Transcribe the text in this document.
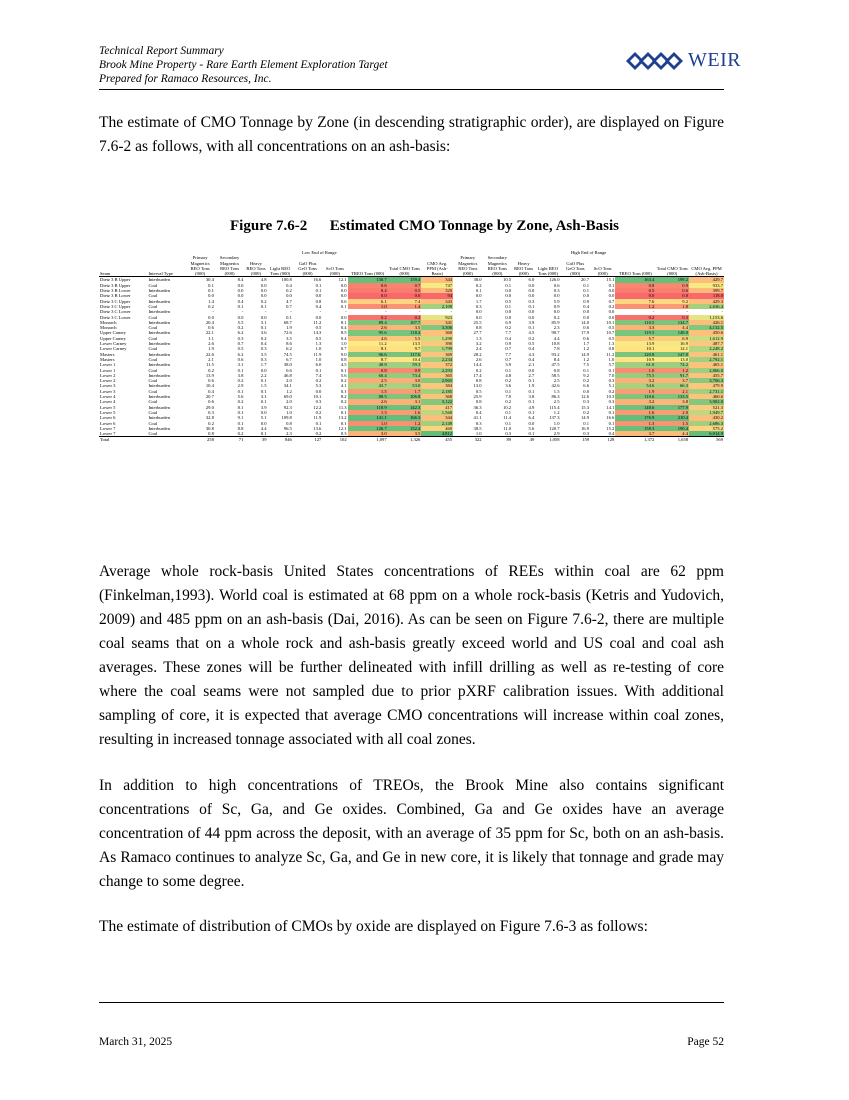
Technical Report Summary
Brook Mine Property - Rare Earth Element Exploration Target
Prepared for Ramaco Resources, Inc.
WEIR
The estimate of CMO Tonnage by Zone (in descending stratigraphic order), are displayed on Figure 7.6-2 as follows, with all concentrations on an ash-basis:
Figure 7.6-2      Estimated CMO Tonnage by Zone, Ash-Basis
		Low End of Range									High End of Range								
Seam	Interval Type	Primary Magnetics REO Tons (000)	Secondary Magnetics REO Tons (000)	Heavy REO Tons (000)	Light REO Tons (000)	GaO Plus GeO Tons (000)	ScO Tons (000)	TREO Tons (000)	Total CMO Tons (000)	CMO Avg. PPM (Ash-Basis)	Primary Magnetics REO Tons (000)	Secondary Magnetics REO Tons (000)	Heavy REO Tons (000)	Light REO Tons (000)	GaO Plus GeO Tons (000)	ScO Tons (000)	TREO Tons (000)	Total CMO Tons (000)	CMO Avg. PPM (Ash-Basis)
Dietz 3 B Upper	Interburden	30.4	8.4	4.8	100.8	16.6	12.1	130.7	159.4	344	38.0	10.5	6.0	126.0	20.7	15.1	163.4	199.2	429.7
Dietz 3 B Upper	Coal	0.1	0.0	0.0	0.4	0.1	0.0	0.6	0.7	747	0.2	0.1	0.0	0.6	0.1	0.1	0.8	0.9	933.7
Dietz 3 B Lower	Interburden	0.1	0.0	0.0	0.2	0.1	0.0	0.4	0.5	320	0.1	0.0	0.0	0.3	0.1	0.0	0.5	0.6	399.7
Dietz 3 B Lower	Coal	0.0	0.0	0.0	0.0	0.0	0.0	0.0	0.0	94	0.0	0.0	0.0	0.0	0.0	0.0	0.0	0.0	118.0
Dietz 3 C Upper	Interburden	1.4	0.4	0.2	4.7	0.8	0.6	6.1	7.4	343	1.7	0.5	0.3	5.9	0.9	0.7	7.6	9.2	429.3
Dietz 3 C Upper	Coal	0.2	0.1	0.1	0.7	0.4	0.1	1.0	1.4	2,109	0.3	0.1	0.1	0.9	0.4	0.2	1.2	1.8	2,636.4
Dietz 3 C Lower	Interburden	-	-	-	-	-	-	-	-	-	0.0	0.0	0.0	0.0	0.0	0.0	-	-	-
Dietz 3 C Lower	Coal	0.0	0.0	0.0	0.1	0.0	0.0	0.2	0.2	923	0.0	0.0	0.0	0.2	0.0	0.0	0.2	0.3	1,153.6
Monarch	Interburden	20.4	5.5	3.1	68.7	11.2	8.1	89.4	107.7	341	25.5	6.9	3.9	85.9	14.0	10.1	110.5	134.7	426.1
Monarch	Coal	0.6	0.2	0.1	1.9	0.5	0.4	2.6	3.5	3,306	0.8	0.2	0.1	2.3	0.6	0.5	3.3	4.4	4,132.5
Upper Carney	Interburden	22.1	6.2	3.6	72.6	14.3	8.5	95.6	118.4	360	27.7	7.7	4.5	90.7	17.9	10.7	119.5	148.0	450.6
Upper Carney	Coal	1.1	0.3	0.2	3.5	0.5	0.4	4.6	5.5	1,290	1.3	0.4	0.2	4.4	0.6	0.5	5.7	6.9	1,612.9
Lower Carney	Interburden	2.6	0.7	0.4	8.6	1.3	1.0	11.2	13.5	390	3.2	0.9	0.5	10.8	1.7	1.3	13.9	16.9	487.7
Lower Carney	Coal	1.9	0.5	0.3	6.2	1.0	0.7	8.1	9.7	1,799	2.4	0.7	0.4	7.8	1.2	0.8	10.1	12.1	2,248.2
Masters	Interburden	22.6	6.2	3.5	74.5	11.9	9.0	96.6	117.6	369	28.2	7.7	4.3	93.2	14.9	11.2	120.8	147.0	461.1
Masters	Coal	2.1	0.6	0.3	6.7	1.0	0.8	8.7	10.4	2,234	2.6	0.7	0.4	8.4	1.2	1.0	10.9	13.0	2,792.1
Lower 1	Interburden	11.5	3.1	1.7	38.0	6.0	4.5	48.8	59.3	372	14.4	3.9	2.1	47.5	7.5	5.7	61.0	74.2	465.1
Lower 1	Coal	0.2	0.1	0.0	0.6	0.1	0.1	0.8	0.9	2,293	0.2	0.1	0.0	0.8	0.1	0.1	1.0	1.2	2,866.0
Lower 2	Interburden	13.9	3.8	2.2	46.8	7.4	5.6	60.4	73.4	365	17.4	4.8	2.7	58.5	9.2	7.0	75.5	91.7	455.7
Lower 2	Coal	0.6	0.2	0.1	2.0	0.2	0.2	2.5	3.0	2,965	0.8	0.2	0.1	2.5	0.2	0.3	3.2	3.7	3,706.3
Lower 3	Interburden	10.4	2.9	1.5	34.1	5.3	4.1	43.7	53.0	384	13.0	3.6	1.9	42.6	6.6	5.1	54.6	66.3	479.9
Lower 3	Coal	0.4	0.1	0.1	1.2	0.0	0.1	1.5	1.7	2,185	0.5	0.1	0.1	1.5	0.0	0.2	1.9	2.1	2,731.1
Lower 4	Interburden	20.7	5.6	3.1	69.0	10.1	8.2	88.5	106.8	368	25.9	7.0	3.8	86.3	12.6	10.3	110.6	133.5	460.6
Lower 4	Coal	0.6	0.2	0.1	2.0	0.3	0.2	2.6	3.1	3,122	0.8	0.2	0.1	2.5	0.3	0.3	3.2	3.8	3,902.0
Lower 5	Interburden	29.0	8.1	3.9	92.3	12.2	11.3	118.9	142.3	417	36.3	10.2	4.9	115.4	15.3	14.1	148.6	177.9	521.3
Lower 5	Coal	0.3	0.1	0.0	1.0	0.2	0.1	1.3	1.6	1,560	0.4	0.1	0.1	1.2	0.2	0.1	1.6	2.0	1,949.7
Lower 6	Interburden	32.8	9.1	5.1	109.8	11.9	13.2	141.1	166.3	344	41.1	11.4	6.4	137.3	14.9	16.6	176.9	210.4	430.2
Lower 6	Coal	0.2	0.1	0.0	0.8	0.1	0.1	1.0	1.2	2,149	0.3	0.1	0.0	1.0	0.1	0.1	1.3	1.5	2,686.3
Lower 7	Interburden	30.8	8.8	4.4	96.5	13.6	12.1	126.7	152.4	460	38.5	11.0	5.6	120.7	16.9	15.2	158.3	190.4	575.2
Lower 7	Coal	0.8	0.2	0.1	2.3	0.2	0.3	3.0	3.5	4,812	1.0	0.3	0.1	2.9	0.3	0.4	3.7	4.4	6,014.9
Total		258	71	39	846	127	102	1,097	1,326	455	322	89	49	1,058	159	128	1,372	1,658	569
Average whole rock-basis United States concentrations of REEs within coal are 62 ppm (Finkelman,1993). World coal is estimated at 68 ppm on a whole rock-basis (Ketris and Yudovich, 2009) and 485 ppm on an ash-basis (Dai, 2016). As can be seen on Figure 7.6-2, there are multiple coal seams that on a whole rock and ash-basis greatly exceed world and US coal and coal ash averages. These zones will be further delineated with infill drilling as well as re-testing of core where the coal seams were not sampled due to prior pXRF calibration issues. With additional sampling of core, it is expected that average CMO concentrations will increase within coal zones, resulting in increased tonnage associated with all coal zones.
In addition to high concentrations of TREOs, the Brook Mine also contains significant concentrations of Sc, Ga, and Ge oxides. Combined, Ga and Ge oxides have an average concentration of 44 ppm across the deposit, with an average of 35 ppm for Sc, both on an ash-basis. As Ramaco continues to analyze Sc, Ga, and Ge in new core, it is likely that tonnage and grade may change to some degree.
The estimate of distribution of CMOs by oxide are displayed on Figure 7.6-3 as follows:
March 31, 2025	Page 52
